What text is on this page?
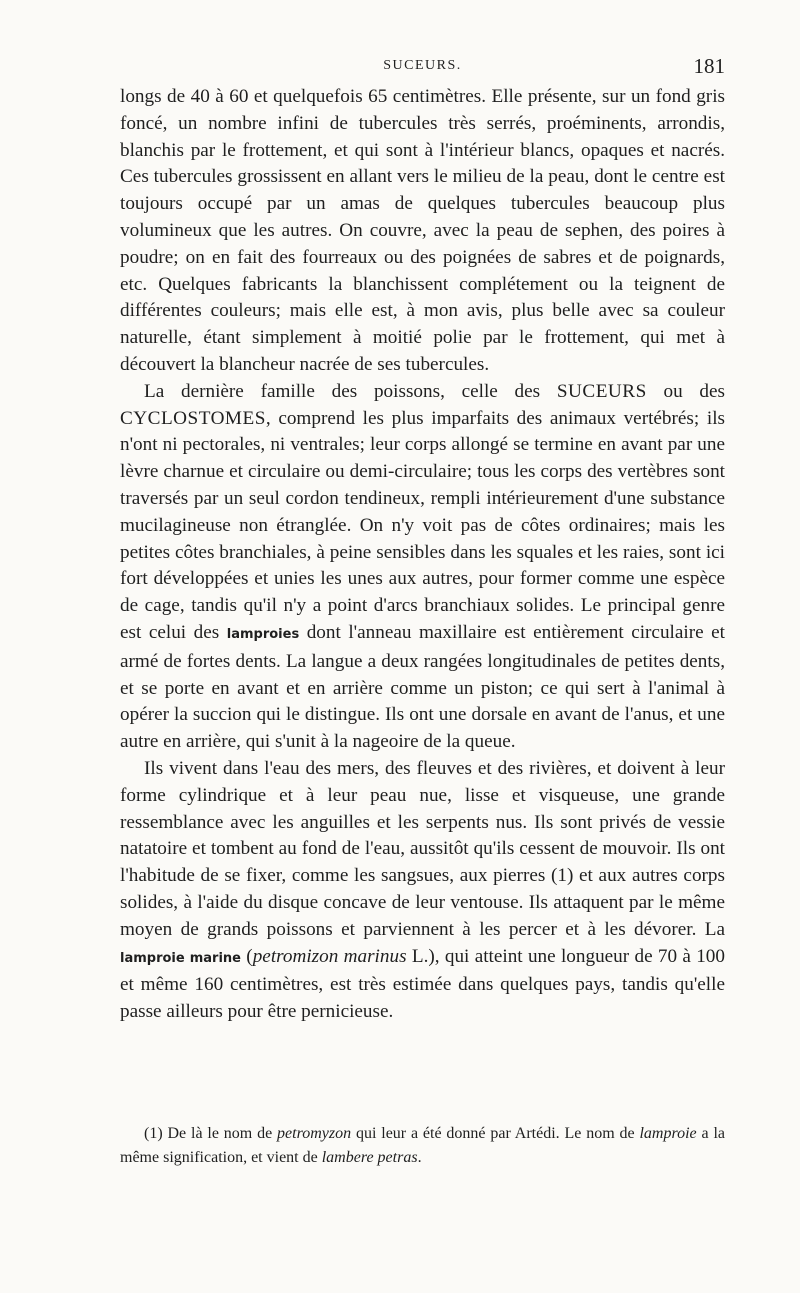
SUCEURS.	181

longs de 40 à 60 et quelquefois 65 centimètres. Elle présente, sur un fond gris foncé, un nombre infini de tubercules très serrés, proéminents, arrondis, blanchis par le frottement, et qui sont à l'intérieur blancs, opaques et nacrés. Ces tubercules grossissent en allant vers le milieu de la peau, dont le centre est toujours occupé par un amas de quelques tubercules beaucoup plus volumineux que les autres. On couvre, avec la peau de sephen, des poires à poudre; on en fait des fourreaux ou des poignées de sabres et de poignards, etc. Quelques fabricants la blanchissent complétement ou la teignent de différentes couleurs; mais elle est, à mon avis, plus belle avec sa couleur naturelle, étant simplement à moitié polie par le frottement, qui met à découvert la blancheur nacrée de ses tubercules.

La dernière famille des poissons, celle des SUCEURS ou des CYCLOSTOMES, comprend les plus imparfaits des animaux vertébrés; ils n'ont ni pectorales, ni ventrales; leur corps allongé se termine en avant par une lèvre charnue et circulaire ou demi-circulaire; tous les corps des vertèbres sont traversés par un seul cordon tendineux, rempli intérieurement d'une substance mucilagineuse non étranglée. On n'y voit pas de côtes ordinaires; mais les petites côtes branchiales, à peine sensibles dans les squales et les raies, sont ici fort développées et unies les unes aux autres, pour former comme une espèce de cage, tandis qu'il n'y a point d'arcs branchiaux solides. Le principal genre est celui des lamproies dont l'anneau maxillaire est entièrement circulaire et armé de fortes dents. La langue a deux rangées longitudinales de petites dents, et se porte en avant et en arrière comme un piston; ce qui sert à l'animal à opérer la succion qui le distingue. Ils ont une dorsale en avant de l'anus, et une autre en arrière, qui s'unit à la nageoire de la queue.

Ils vivent dans l'eau des mers, des fleuves et des rivières, et doivent à leur forme cylindrique et à leur peau nue, lisse et visqueuse, une grande ressemblance avec les anguilles et les serpents nus. Ils sont privés de vessie natatoire et tombent au fond de l'eau, aussitôt qu'ils cessent de mouvoir. Ils ont l'habitude de se fixer, comme les sangsues, aux pierres (1) et aux autres corps solides, à l'aide du disque concave de leur ventouse. Ils attaquent par le même moyen de grands poissons et parviennent à les percer et à les dévorer. La lamproie marine (petromizon marinus L.), qui atteint une longueur de 70 à 100 et même 160 centimètres, est très estimée dans quelques pays, tandis qu'elle passe ailleurs pour être pernicieuse.

(1) De là le nom de petromyzon qui leur a été donné par Artédi. Le nom de lamproie a la même signification, et vient de lambere petras.
